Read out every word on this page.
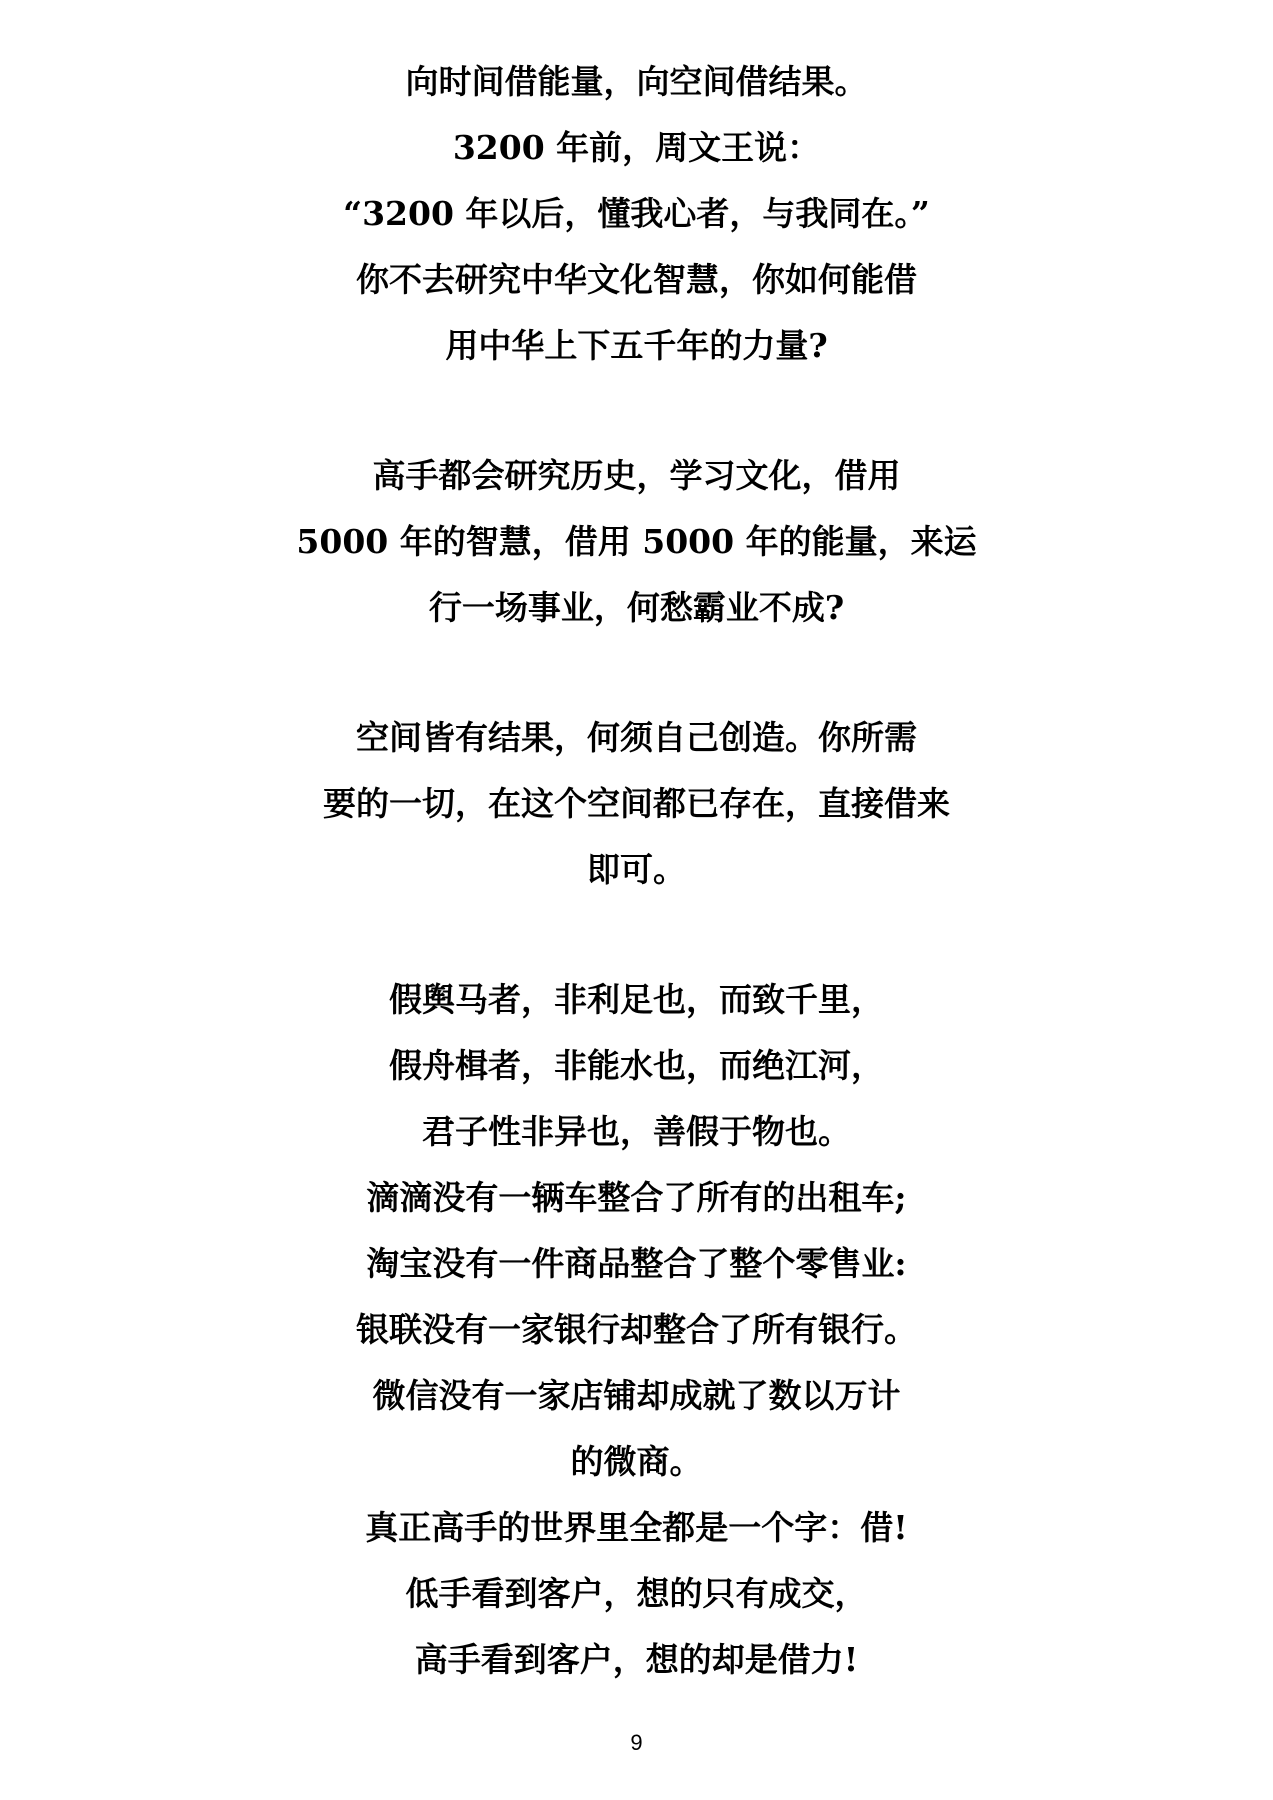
向时间借能量，向空间借结果。
3200 年前，周文王说：
“3200 年以后，懂我心者，与我同在。”
你不去研究中华文化智慧，你如何能借
用中华上下五千年的力量?
高手都会研究历史，学习文化，借用
5000 年的智慧，借用 5000 年的能量，来运
行一场事业，何愁霸业不成?
空间皆有结果，何须自己创造。你所需
要的一切，在这个空间都已存在，直接借来
即可。
假舆马者，非利足也，而致千里，
假舟楫者，非能水也，而绝江河，
君子性非异也，善假于物也。
滴滴没有一辆车整合了所有的出租车;
淘宝没有一件商品整合了整个零售业:
银联没有一家银行却整合了所有银行。
微信没有一家店铺却成就了数以万计
的微商。
真正高手的世界里全都是一个字：借!
低手看到客户，想的只有成交，
高手看到客户，想的却是借力!
9
